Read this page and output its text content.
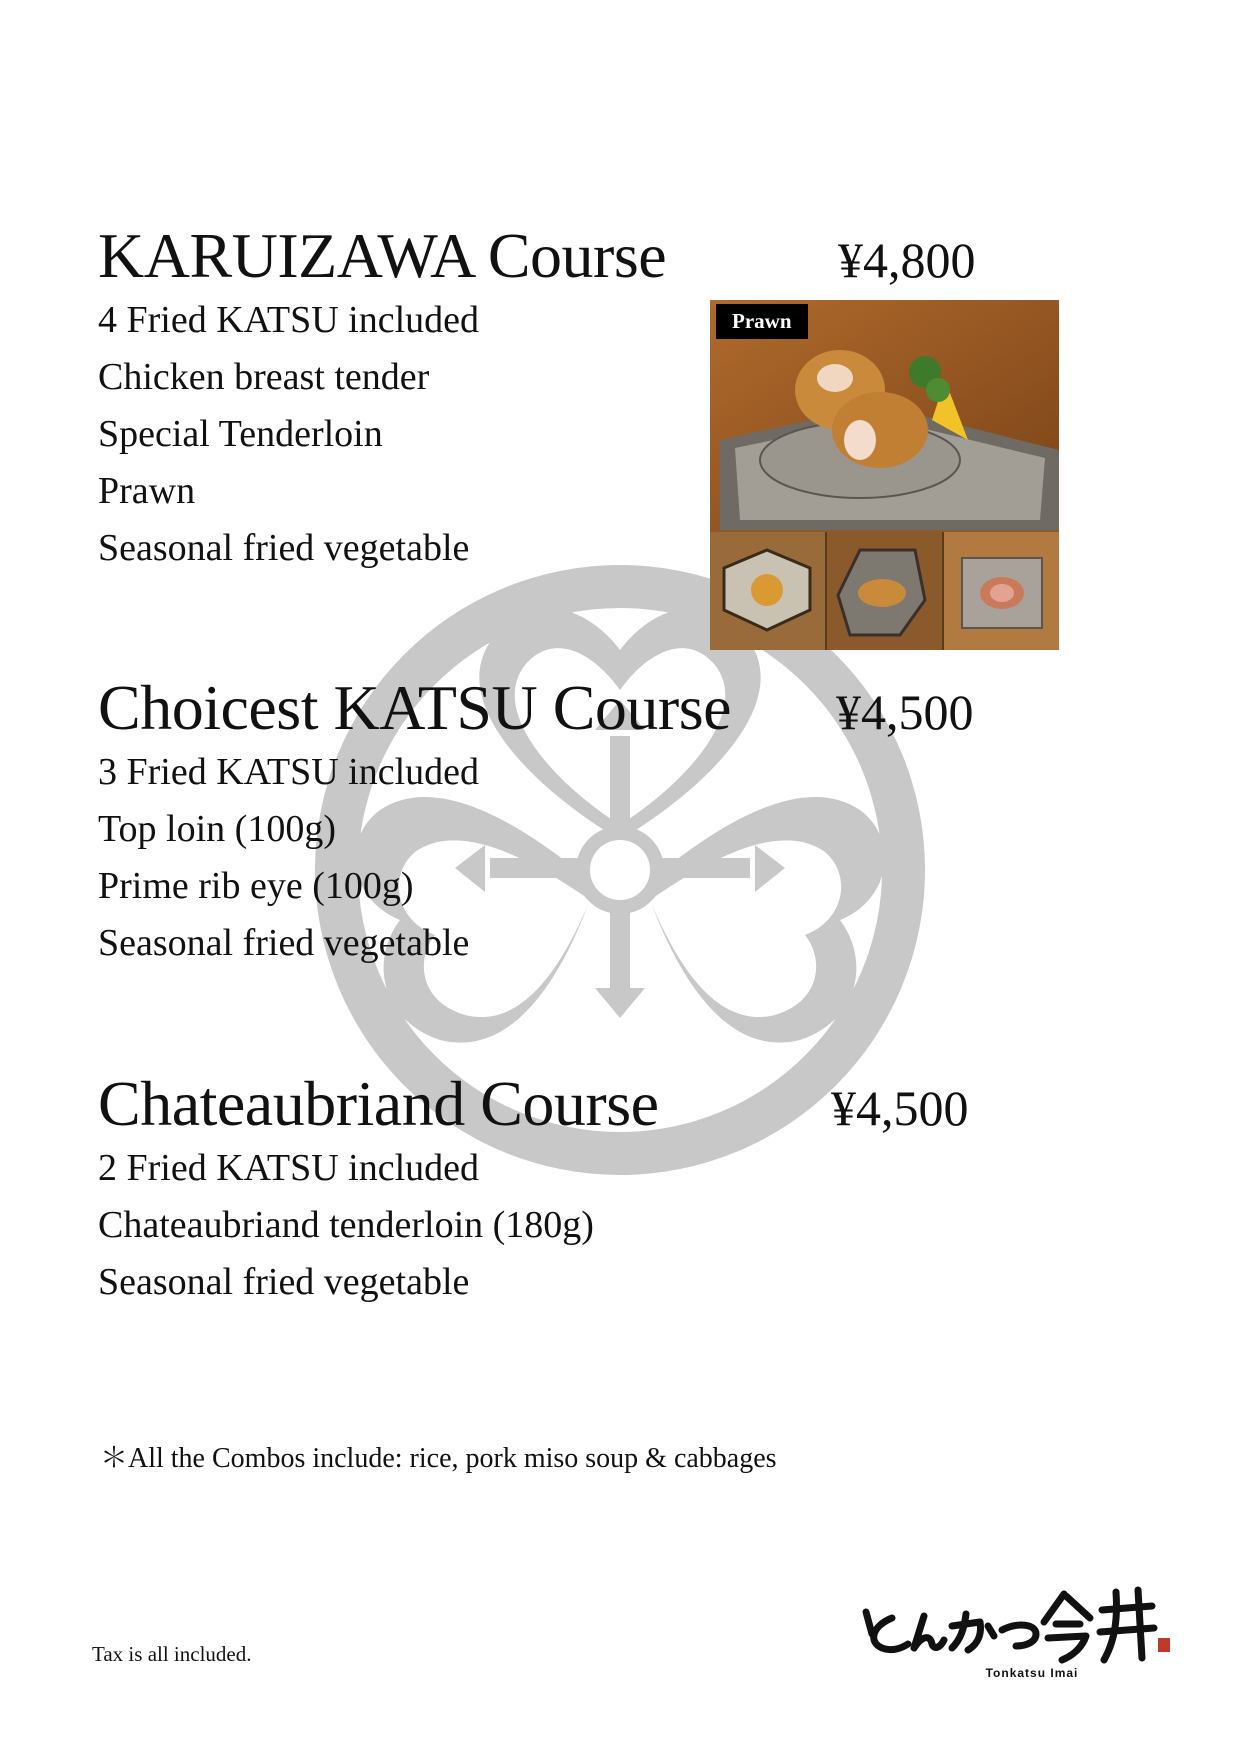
KARUIZAWA Course	¥4,800
4 Fried KATSU included
Chicken breast tender
Special Tenderloin
Prawn
Seasonal fried vegetable
Prawn
Choicest KATSU Course ¥4,500
3 Fried KATSU included
Top loin (100g)
Prime rib eye (100g)
Seasonal fried vegetable
Chateaubriand Course	¥4,500
2 Fried KATSU included
Chateaubriand tenderloin (180g)
Seasonal fried vegetable
＊All the Combos include: rice, pork miso soup & cabbages
Tax is all included.
Tonkatsu Imai
